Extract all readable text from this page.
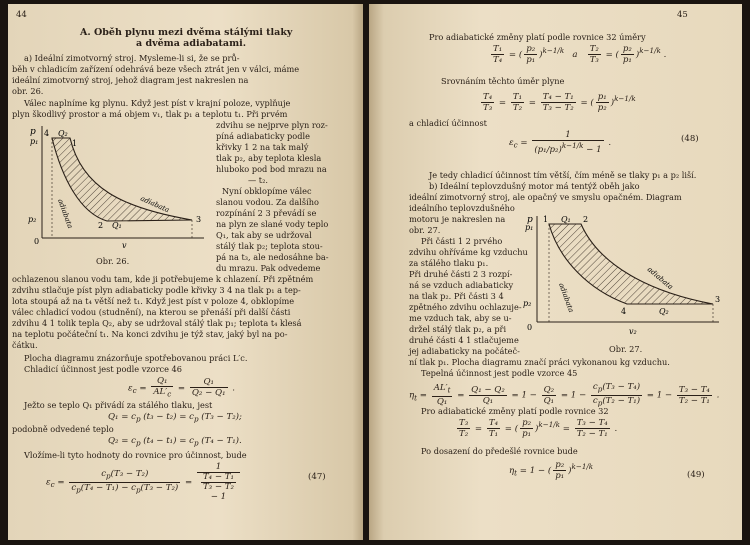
44
A. Oběh plynu mezi dvěma stálými tlaky
a dvěma adiabatami.
a) Ideální zimotvorný stroj. Mysleme-li si, že se prů-
běh v chladicím zařízení odehrává beze všech ztrát jen v válci, máme
ideální zimotvorný stroj, jehož diagram jest nakreslen na
obr. 26.
Válec naplníme kg plynu. Když jest píst v krajní poloze, vyplňuje
plyn škodlivý prostor a má objem v₁, tlak p₁ a teplotu t₁. Při prvém
p
p₁
p₂
Q₂
Q₁
v
1
2
3
4
0
adiabata	adiabata
Obr. 26.
zdvihu se nejprve plyn roz-
píná adiabaticky podle
křivky 1 2 na tak malý
tlak p₂, aby teplota klesla
hluboko pod bod mrazu na
— t₂.
Nyní obklopíme válec
slanou vodou. Za dalšího
rozpínání 2 3 převádí se
na plyn ze slané vody teplo
Q₁, tak aby se udržoval
stálý tlak p₂; teplota stou-
pá na t₃, ale nedosáhne ba-
du mrazu. Pak odvedeme
ochlazenou slanou vodu tam, kde ji potřebujeme k chlazení. Při zpětném
zdvihu stlačuje píst plyn adiabaticky podle křivky 3 4 na tlak p₁ a tep-
lota stoupá až na t₄ větší než t₁. Když jest píst v poloze 4, obklopíme
válec chladicí vodou (studnění), na kterou se přenáší při další části
zdvihu 4 1 tolik tepla Q₂, aby se udržoval stálý tlak p₁; teplota t₄ klesá
na teplotu počáteční t₁. Na konci zdvihu je týž stav, jaký byl na po-
čátku.
Plocha diagramu znázorňuje spotřebovanou práci L′c.
Chladicí účinnost jest podle vzorce 46
$\varepsilon_c = \frac{\text{Q₁}}{AL'_c} = \frac{\text{Q₁}}{\text{Q₂ − Q₁}}$ .
Ježto se teplo Q₁ přivádí za stálého tlaku, jest
$Q_1 = c_p$ $(t_3 - t_2) = c_p$ (T₃ − T₂);
podobně odvedené teplo
$Q_2 = c_p$ $(t_4 - t_1) = c_p$ (T₄ − T₁).
Vložíme-li tyto hodnoty do rovnice pro účinnost, bude
$\varepsilon_c = \frac{c_p(T_3 - T_2)}{c_p(T_4 - T_1) - c_p(T_3 - T_2)} = 1$
T₄ − T₁
T₃ − T₂
− 1	(47)
45
Pro adiabatické změny platí podle rovnice 32 úměry
$\frac{\text{T₁}}{\text{T₄}}$ = ( $\frac{\text{p₂}}{\text{p₁}} )^{k-1/k}$   a $\frac{\text{T₂}}{\text{T₃}}$ = ( $\frac{\text{p₂}}{\text{p₁}} )^{k-1/k}$ .
Srovnáním těchto úměr plyne
$\frac{\text{T₄}}{\text{T₃}} = \frac{\text{T₁}}{\text{T₂}} = \frac{\text{T₄ − T₁}}{\text{T₃ − T₂}}$ = ( $\frac{\text{p₁}}{\text{p₂}} )^{k-1/k}$
a chladicí účinnost
$\varepsilon_c = \frac{1}{(p_1/p_2)^{k-1/k} - 1}$ .	(48)
Je tedy chladicí účinnost tím větší, čím méně se tlaky p₁ a p₂ liší.
b) Ideální teplovzdušný motor má tentýž oběh jako
ideální zimotvorný stroj, ale opačný ve smyslu opačném. Diagram
ideálního teplovzdušného
motoru je nakreslen na
obr. 27.
Při části 1 2 prvého
zdvihu ohříváme kg vzduchu
za stálého tlaku p₁.
Při druhé části 2 3 rozpí-
ná se vzduch adiabaticky
na tlak p₂. Při části 3 4
zpětného zdvihu ochlazuje-
me vzduch tak, aby se u-
držel stálý tlak p₂, a při
druhé části 4 1 stlačujeme
jej adiabaticky na počáteč-
p
p₁
p₂
Q₁
Q₂
v₂
1	2
3
4
0
adiabata
adiabata
Obr. 27.
ní tlak p₁. Plocha diagramu značí práci vykonanou kg vzduchu.
Tepelná účinnost jest podle vzorce 45
$\eta_t = \frac{AL'_t}{\text{Q₁}} = \frac{\text{Q₁ − Q₂}}{\text{Q₁}} = 1 - \frac{\text{Q₂}}{\text{Q₁}} = 1 - \frac{c_p(T_3 - T_4)}{c_p(T_2 - T_1)} = 1 - \frac{\text{T₃ − T₄}}{\text{T₂ − T₁}}$ .
Pro adiabatické změny platí podle rovnice 32
$\frac{\text{T₃}}{\text{T₂}} = \frac{\text{T₄}}{\text{T₁}}$ = ( $\frac{\text{p₂}}{\text{p₁}} )^{k-1/k} = \frac{\text{T₃ − T₄}}{\text{T₂ − T₁}}$ .
Po dosazení do předešlé rovnice bude
$\eta_t = 1$ − ( $\frac{\text{p₂}}{\text{p₁}} )^{k-1/k}$
(49)
